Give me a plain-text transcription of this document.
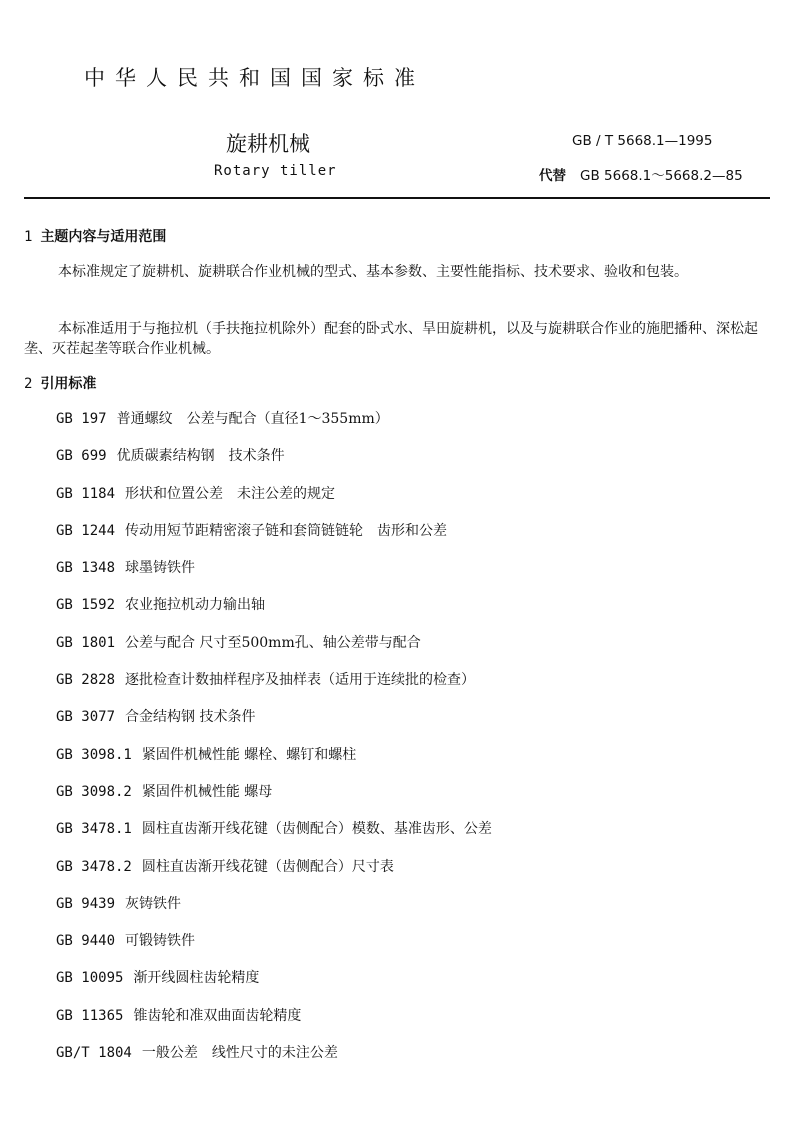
中华人民共和国国家标准
旋耕机械
Rotary tiller
GB / T 5668.1—1995
代替 GB 5668.1～5668.2—85
1 主题内容与适用范围

本标准规定了旋耕机、旋耕联合作业机械的型式、基本参数、主要性能指标、技术要求、验收和包装。

本标准适用于与拖拉机（手扶拖拉机除外）配套的卧式水、旱田旋耕机，以及与旋耕联合作业的施肥播种、深松起垄、灭茬起垄等联合作业机械。

2 引用标准
GB 197 普通螺纹　公差与配合（直径1～355mm）
GB 699 优质碳素结构钢　技术条件
GB 1184 形状和位置公差　未注公差的规定
GB 1244 传动用短节距精密滚子链和套筒链链轮　齿形和公差
GB 1348 球墨铸铁件
GB 1592 农业拖拉机动力输出轴
GB 1801 公差与配合 尺寸至500mm孔、轴公差带与配合
GB 2828 逐批检查计数抽样程序及抽样表（适用于连续批的检查）
GB 3077 合金结构钢 技术条件
GB 3098.1 紧固件机械性能 螺栓、螺钉和螺柱
GB 3098.2 紧固件机械性能 螺母
GB 3478.1 圆柱直齿渐开线花键（齿侧配合）模数、基准齿形、公差
GB 3478.2 圆柱直齿渐开线花键（齿侧配合）尺寸表
GB 9439 灰铸铁件
GB 9440 可锻铸铁件
GB 10095 渐开线圆柱齿轮精度
GB 11365 锥齿轮和准双曲面齿轮精度
GB/T 1804 一般公差　线性尺寸的未注公差
